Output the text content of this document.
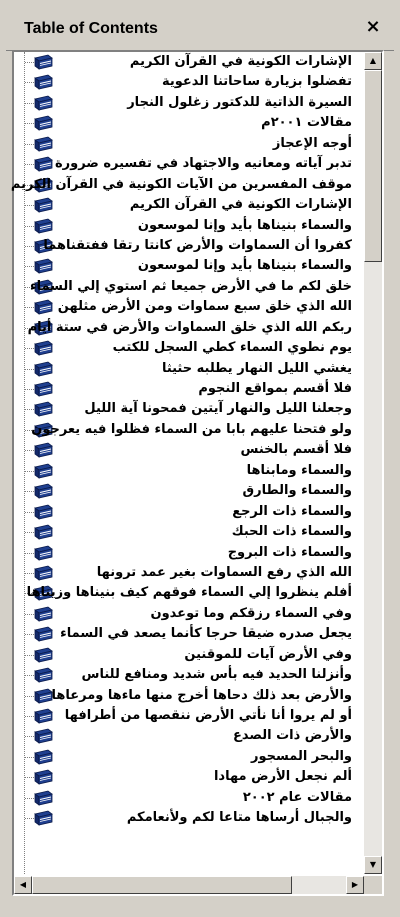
Table of Contents	×
الإشارات الكونية في القرآن الكريم
تفضلوا بزيارة ساحاتنا الدعوية
السيرة الذاتية للدكتور زغلول النجار
مقالات ٢٠٠١م
أوجه الإعجاز
تدبر آياته ومعانيه والاجتهاد في تفسيره ضرورة
موقف المفسرين من الآيات الكونية في القرآن الكريم
الإشارات الكونية في القرآن الكريم
والسماء بنيناها بأيد وإنا لموسعون
كفروا أن السماوات والأرض كانتا رتقا ففتقناهما
والسماء بنيناها بأيد وإنا لموسعون
خلق لكم ما في الأرض جميعا ثم استوي إلي السماء
الله الذي خلق سبع سماوات ومن الأرض مثلهن
ربكم الله الذي خلق السماوات والأرض في ستة أيام
يوم نطوي السماء كطي السجل للكتب
يغشي الليل النهار يطلبه حثيثا
فلا أقسم بمواقع النجوم
وجعلنا الليل والنهار آيتين فمحونا آية الليل
ولو فتحنا عليهم بابا من السماء فظلوا فيه يعرجون
فلا أقسم بالخنس
والسماء ومابناها
والسماء والطارق
والسماء ذات الرجع
والسماء ذات الحبك
والسماء ذات البروج
الله الذي رفع السماوات بغير عمد ترونها
أفلم ينظروا إلي السماء فوقهم كيف بنيناها وزيناها
وفي السماء رزقكم وما توعدون
يجعل صدره ضيقا حرجا كأنما يصعد في السماء
وفي الأرض آيات للموقنين
وأنزلنا الحديد فيه بأس شديد ومنافع للناس
والأرض بعد ذلك دحاها أخرج منها ماءها ومرعاها
أو لم يروا أنا نأتي الأرض ننقصها من أطرافها
والأرض ذات الصدع
والبحر المسجور
ألم نجعل الأرض مهادا
مقالات عام ٢٠٠٢
والجبال أرساها متاعا لكم ولأنعامكم
▲
▼
◀	▶
